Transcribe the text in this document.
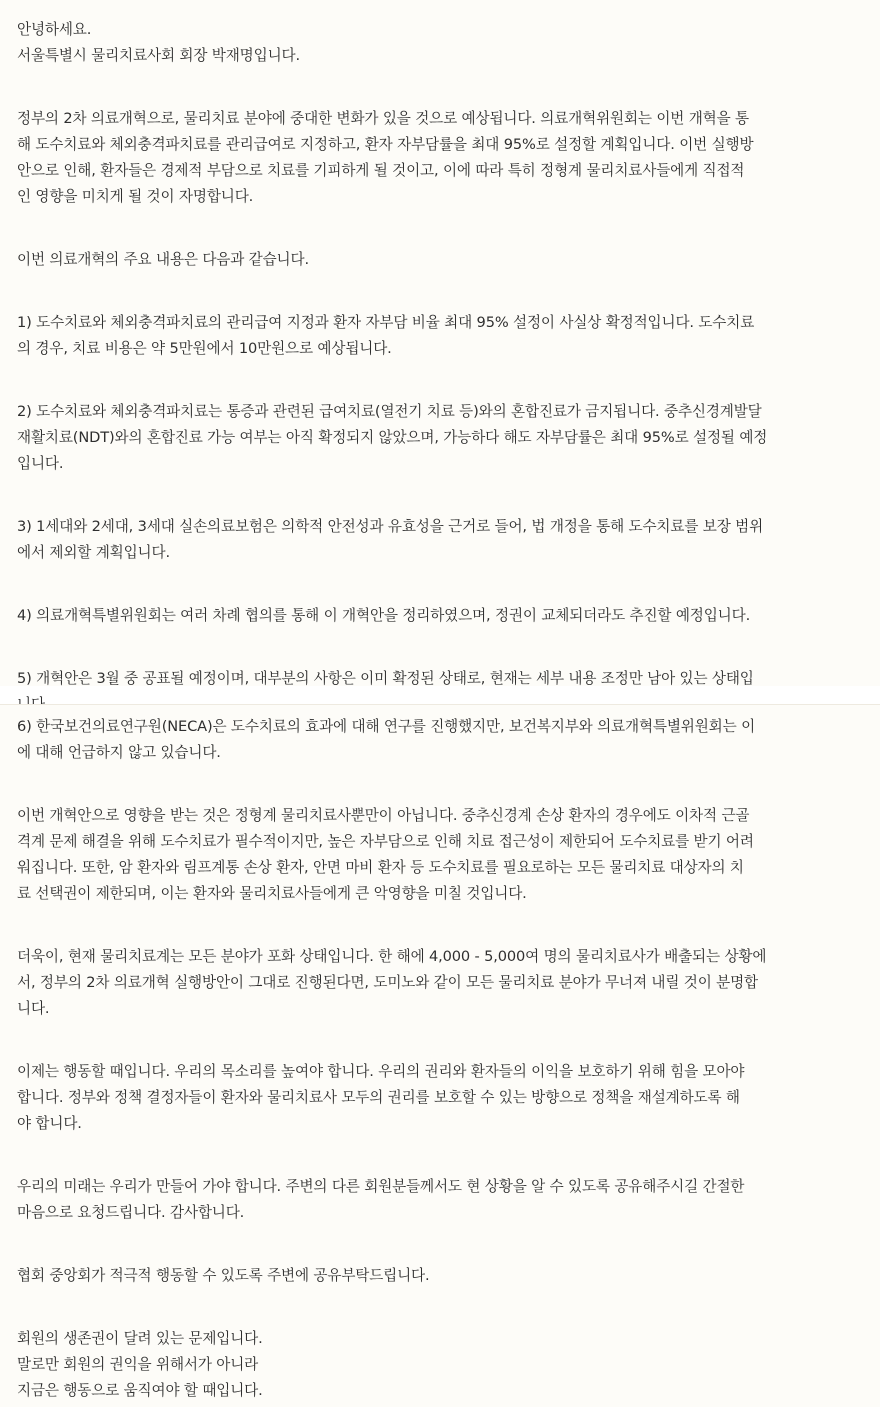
안녕하세요.
서울특별시 물리치료사회 회장 박재명입니다.

정부의 2차 의료개혁으로, 물리치료 분야에 중대한 변화가 있을 것으로 예상됩니다. 의료개혁위원회는 이번 개혁을 통
해 도수치료와 체외충격파치료를 관리급여로 지정하고, 환자 자부담률을 최대 95%로 설정할 계획입니다. 이번 실행방
안으로 인해, 환자들은 경제적 부담으로 치료를 기피하게 될 것이고, 이에 따라 특히 정형계 물리치료사들에게 직접적
인 영향을 미치게 될 것이 자명합니다.

이번 의료개혁의 주요 내용은 다음과 같습니다.

1) 도수치료와 체외충격파치료의 관리급여 지정과 환자 자부담 비율 최대 95% 설정이 사실상 확정적입니다. 도수치료
의 경우, 치료 비용은 약 5만원에서 10만원으로 예상됩니다.

2) 도수치료와 체외충격파치료는 통증과 관련된 급여치료(열전기 치료 등)와의 혼합진료가 금지됩니다. 중추신경계발달
재활치료(NDT)와의 혼합진료 가능 여부는 아직 확정되지 않았으며, 가능하다 해도 자부담률은 최대 95%로 설정될 예정
입니다.

3) 1세대와 2세대, 3세대 실손의료보험은 의학적 안전성과 유효성을 근거로 들어, 법 개정을 통해 도수치료를 보장 범위
에서 제외할 계획입니다.

4) 의료개혁특별위원회는 여러 차례 협의를 통해 이 개혁안을 정리하였으며, 정권이 교체되더라도 추진할 예정입니다.

5) 개혁안은 3월 중 공표될 예정이며, 대부분의 사항은 이미 확정된 상태로, 현재는 세부 내용 조정만 남아 있는 상태입

6) 한국보건의료연구원(NECA)은 도수치료의 효과에 대해 연구를 진행했지만, 보건복지부와 의료개혁특별위원회는 이
에 대해 언급하지 않고 있습니다.

이번 개혁안으로 영향을 받는 것은 정형계 물리치료사뿐만이 아닙니다. 중추신경계 손상 환자의 경우에도 이차적 근골
격계 문제 해결을 위해 도수치료가 필수적이지만, 높은 자부담으로 인해 치료 접근성이 제한되어 도수치료를 받기 어려
워집니다. 또한, 암 환자와 림프계통 손상 환자, 안면 마비 환자 등 도수치료를 필요로하는 모든 물리치료 대상자의 치
료 선택권이 제한되며, 이는 환자와 물리치료사들에게 큰 악영향을 미칠 것입니다.

더욱이, 현재 물리치료계는 모든 분야가 포화 상태입니다. 한 해에 4,000 - 5,000여 명의 물리치료사가 배출되는 상황에
서, 정부의 2차 의료개혁 실행방안이 그대로 진행된다면, 도미노와 같이 모든 물리치료 분야가 무너져 내릴 것이 분명합
니다.

이제는 행동할 때입니다. 우리의 목소리를 높여야 합니다. 우리의 권리와 환자들의 이익을 보호하기 위해 힘을 모아야
합니다. 정부와 정책 결정자들이 환자와 물리치료사 모두의 권리를 보호할 수 있는 방향으로 정책을 재설계하도록 해
야 합니다.

우리의 미래는 우리가 만들어 가야 합니다. 주변의 다른 회원분들께서도 현 상황을 알 수 있도록 공유해주시길 간절한
마음으로 요청드립니다. 감사합니다.

협회 중앙회가 적극적 행동할 수 있도록 주변에 공유부탁드립니다.

회원의 생존권이 달려 있는 문제입니다.
말로만 회원의 권익을 위해서가 아니라
지금은 행동으로 움직여야 할 때입니다.
